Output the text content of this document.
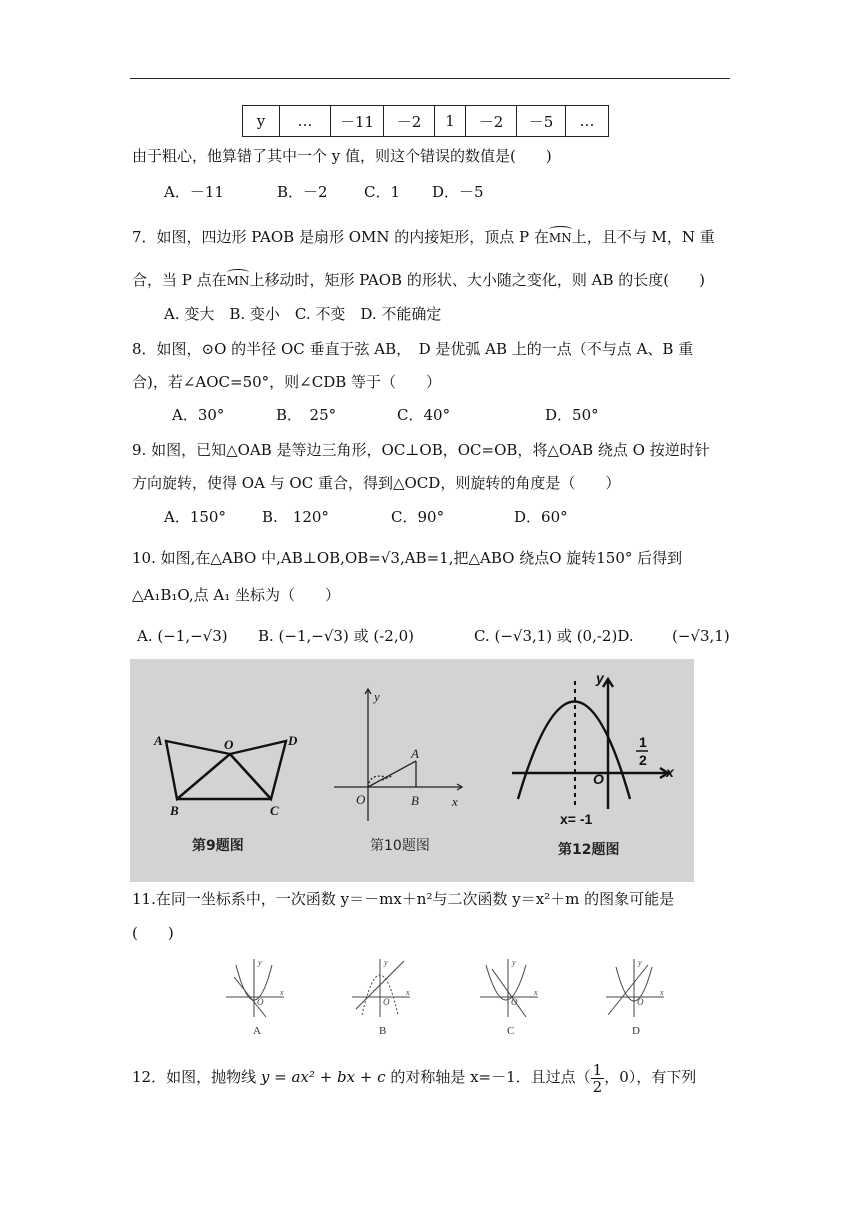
y	…	－11	－2	1	－2	－5	…
由于粗心，他算错了其中一个 y 值，则这个错误的数值是(　　)
A．－11	B．－2 C．1 D．－5
7．如图，四边形 PAOB 是扇形 OMN 的内接矩形，顶点 P 在MN上，且不与 M，N 重
合，当 P 点在MN上移动时，矩形 PAOB 的形状、大小随之变化，则 AB 的长度(　　)
A. 变大　B. 变小　C. 不变　D. 不能确定
8．如图，⊙O 的半径 OC 垂直于弦 AB，　D 是优弧 AB 上的一点（不与点 A、B 重
合)，若∠AOC=50°，则∠CDB 等于（　　）
A．30°	B．　25°	C．40°	D．50°
9. 如图，已知△OAB 是等边三角形，OC⊥OB，OC=OB，将△OAB 绕点 O 按逆时针
方向旋转，使得 OA 与 OC 重合，得到△OCD，则旋转的角度是（　　）
A．150° B.　120°	C．90°	D．60°
10. 如图,在△ABO 中,AB⊥OB,OB=√3,AB=1,把△ABO 绕点O 旋转150° 后得到
△A₁B₁O,点 A₁ 坐标为（　　）
A. (−1,−√3) B. (−1,−√3) 或 (-2,0)	C. (−√3,1) 或 (0,-2)D.	(−√3,1)
A	O	D
B	C
y
A
O	B	x
y
x
O
1
2
x= -1
第9题图	第10题图	第12题图
11.在同一坐标系中，一次函数 y＝－mx＋n²与二次函数 y＝x²＋m 的图象可能是
(　　)
O
y
x
O
y
x
O
y
x
O
y
x
A	B	C	D
12．如图，抛物线 y = ax² + bx + c 的对称轴是 x=－1．且过点（ $\frac{1}{2}$ ，0），有下列
